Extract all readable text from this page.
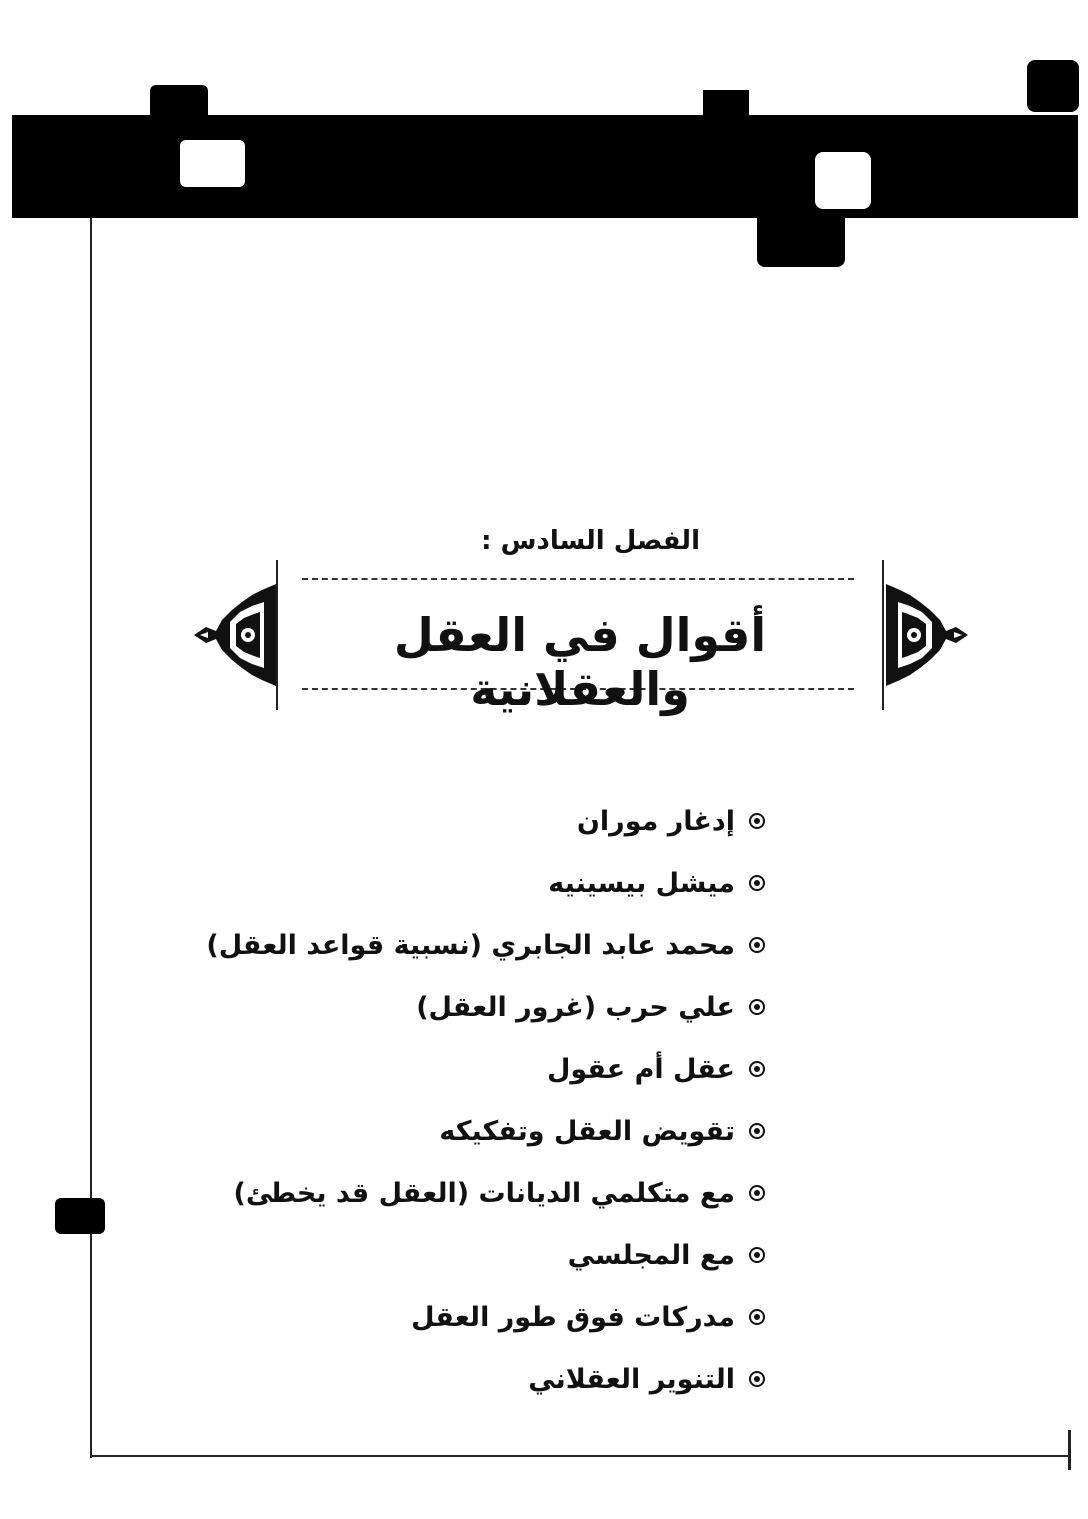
الفصل السادس :
أقوال في العقل والعقلانية
إدغار موران
ميشل بيسينيه
محمد عابد الجابري (نسبية قواعد العقل)
علي حرب (غرور العقل)
عقل أم عقول
تقويض العقل وتفكيكه
مع متكلمي الديانات (العقل قد يخطئ)
مع المجلسي
مدركات فوق طور العقل
التنوير العقلاني
